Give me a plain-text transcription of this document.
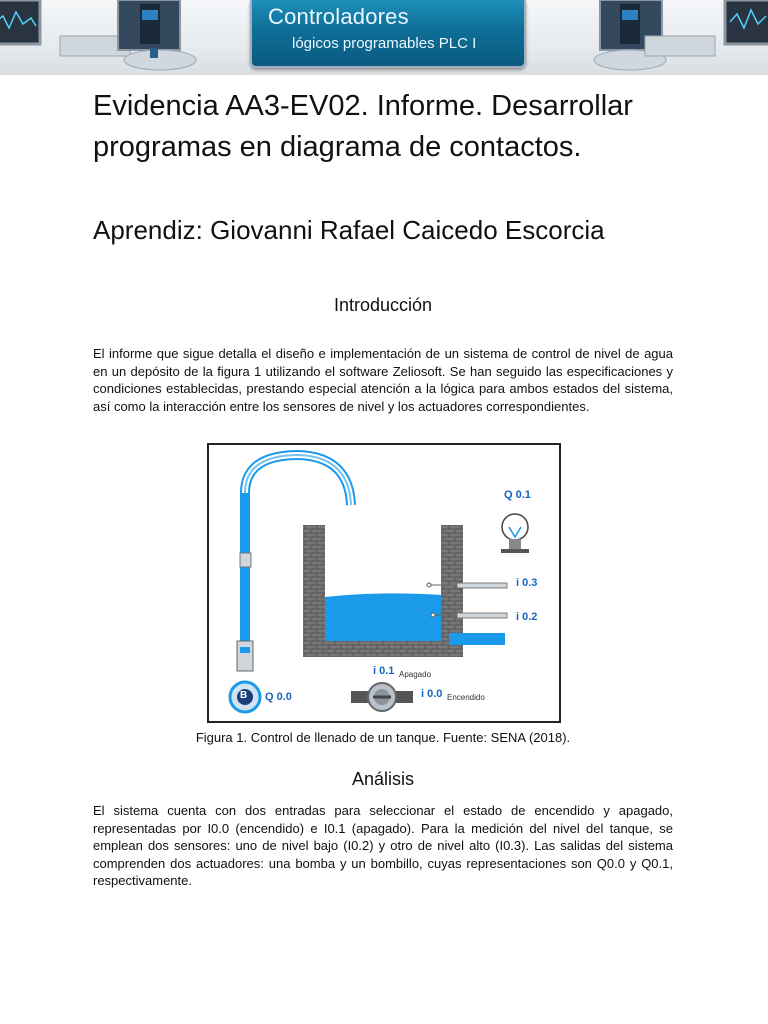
Controladores
lógicos programables PLC I
Evidencia AA3-EV02. Informe. Desarrollar programas en diagrama de contactos.
Aprendiz: Giovanni Rafael Caicedo Escorcia
Introducción

El informe que sigue detalla el diseño e implementación de un sistema de control de nivel de agua en un depósito de la figura 1 utilizando el software Zeliosoft. Se han seguido las especificaciones y condiciones establecidas, prestando especial atención a la lógica para ambos estados del sistema, así como la interacción entre los sensores de nivel y los actuadores correspondientes.

Q 0.1
i 0.3
i 0.2
B Q 0.0
i 0.1 Apagado
i 0.0 Encendido
Figura 1. Control de llenado de un tanque. Fuente: SENA (2018).
Análisis

El sistema cuenta con dos entradas para seleccionar el estado de encendido y apagado, representadas por I0.0 (encendido) e I0.1 (apagado). Para la medición del nivel del tanque, se emplean dos sensores: uno de nivel bajo (I0.2) y otro de nivel alto (I0.3). Las salidas del sistema comprenden dos actuadores: una bomba y un bombillo, cuyas representaciones son Q0.0 y Q0.1, respectivamente.
